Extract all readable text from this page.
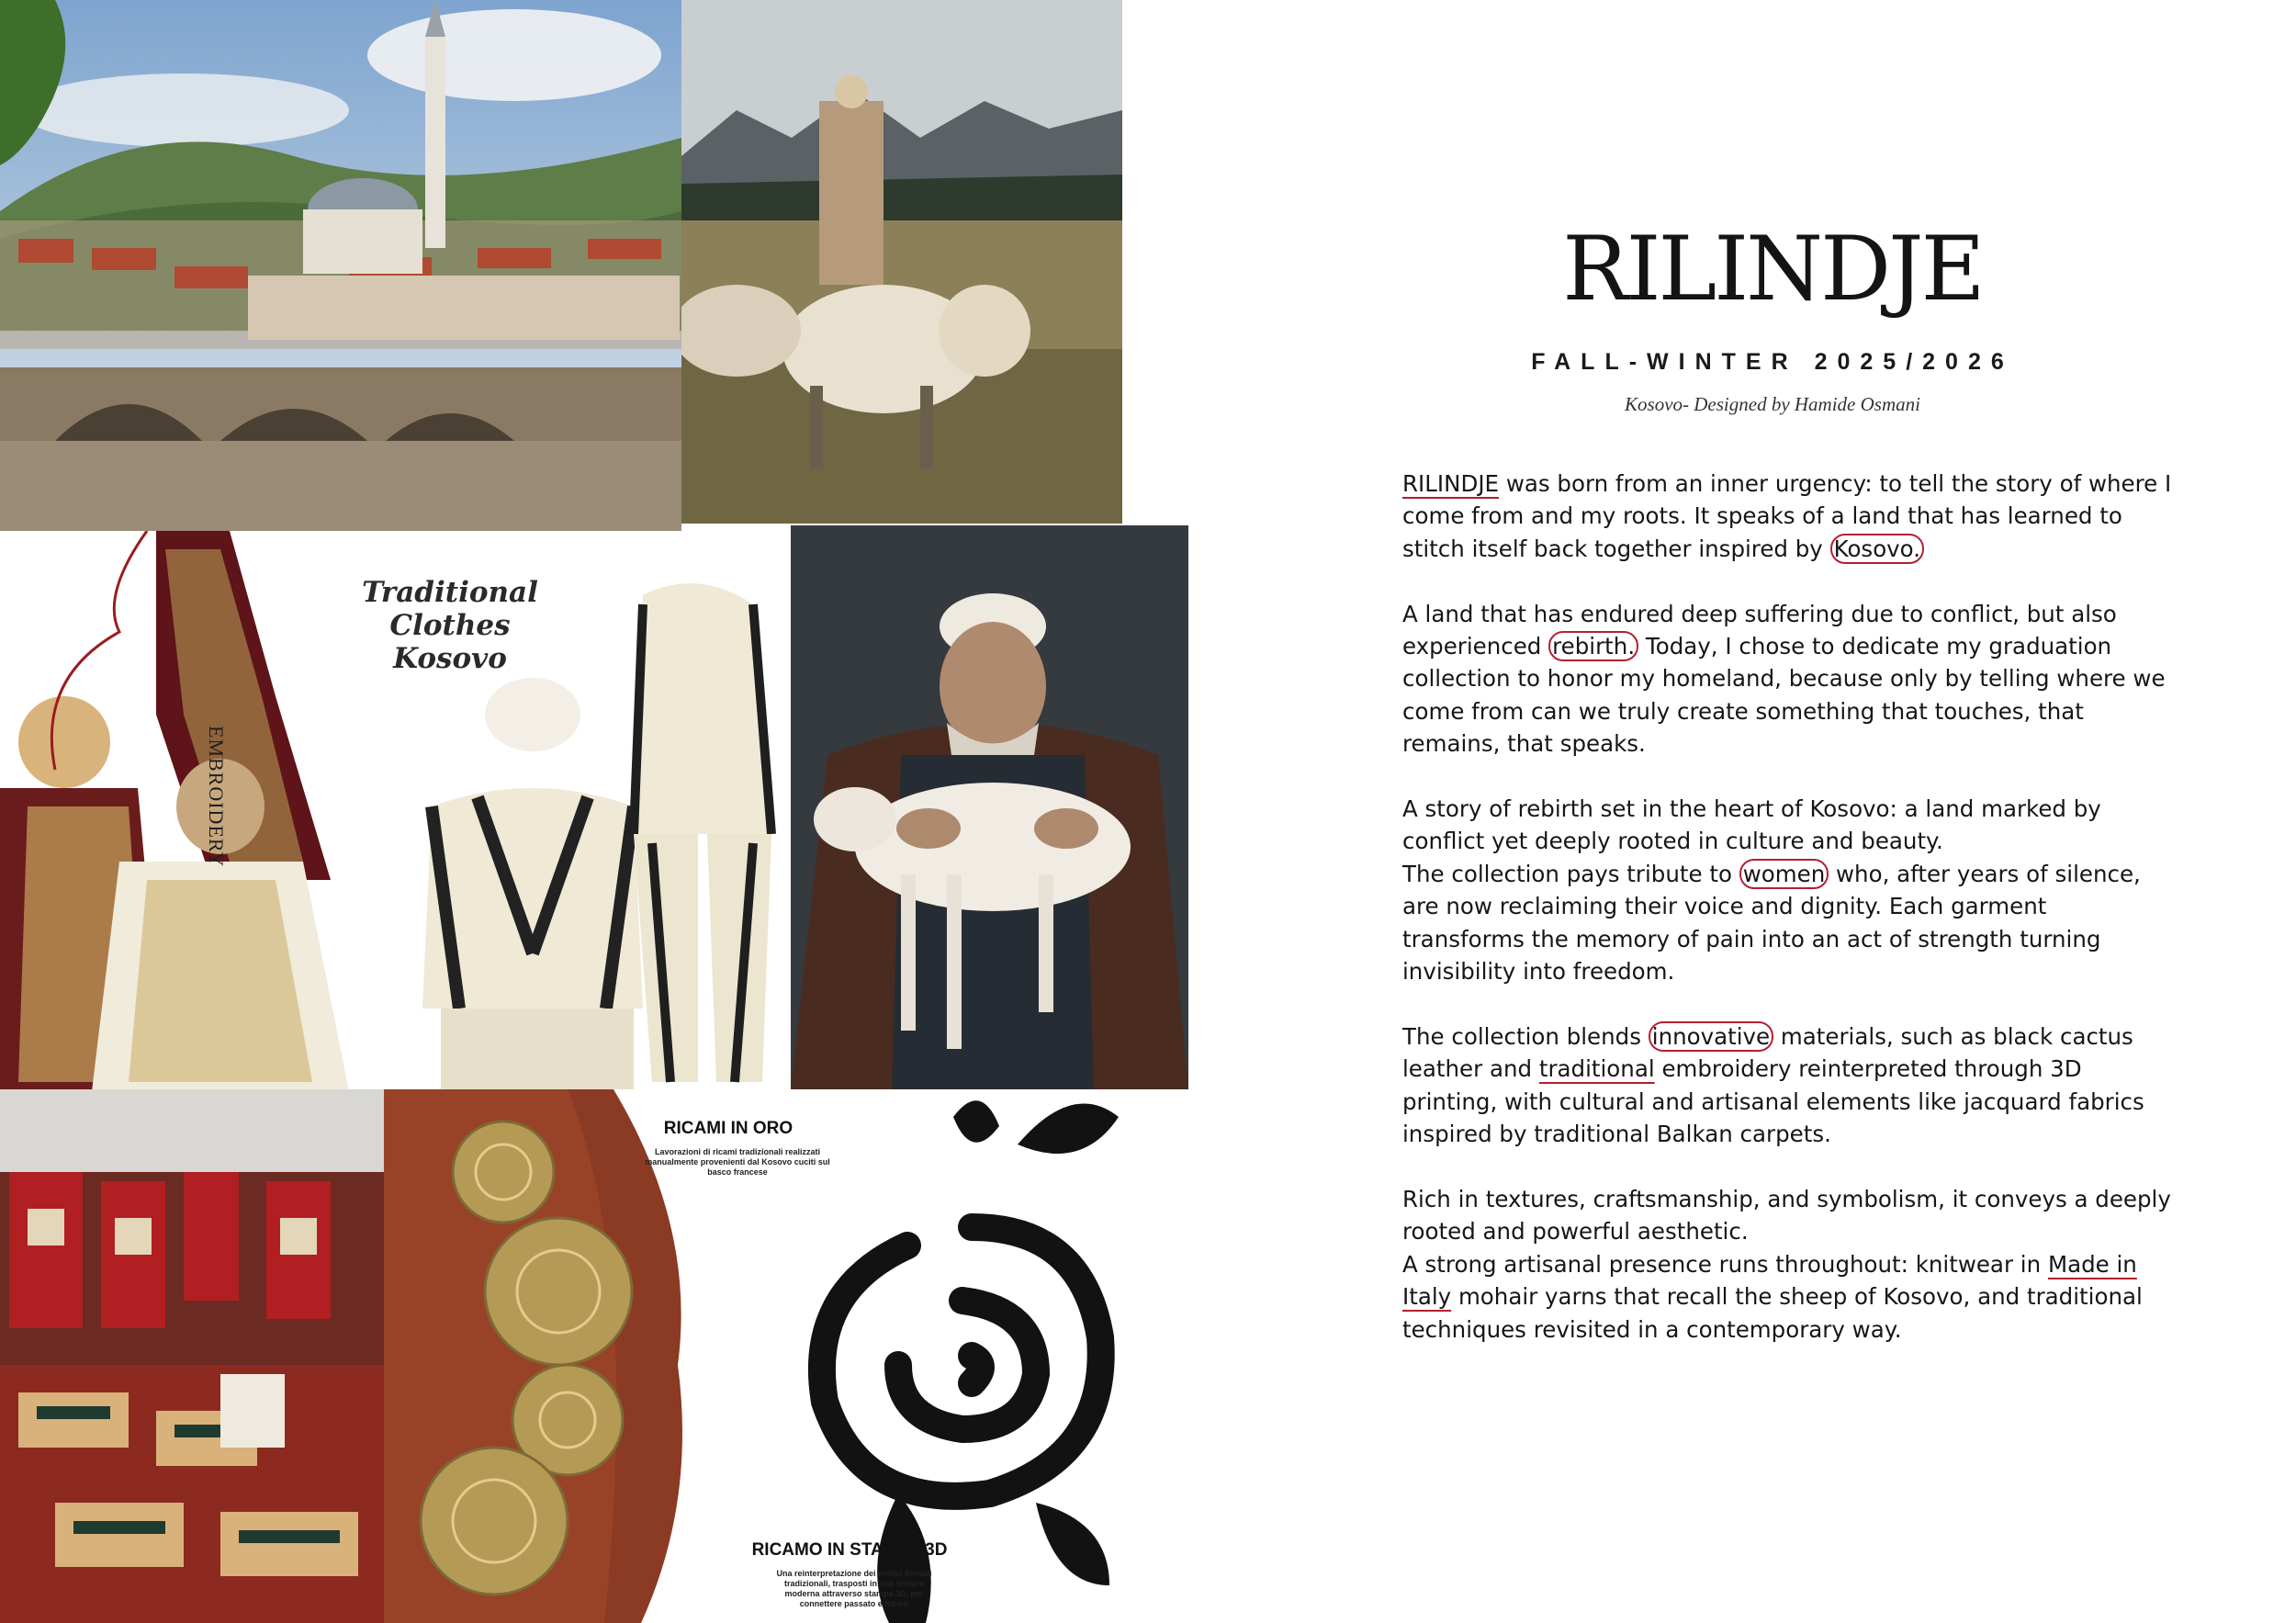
Traditional Clothes
Kosovo
EMBROIDERY
RICAMI IN ORO
Lavorazioni di ricami tradizionali realizzati manualmente provenienti dal Kosovo cuciti sul basco francese
RICAMO IN STAMPA 3D
Una reinterpretazione dei motivi floreali tradizionali, trasposti in una texture moderna attraverso stampa 3D, per connettere passato e futuro
RILINDJE
FALL-WINTER 2025/2026
Kosovo- Designed by Hamide Osmani

RILINDJE was born from an inner urgency: to tell the story of where I come from and my roots. It speaks of a land that has learned to stitch itself back together inspired by Kosovo.

A land that has endured deep suffering due to conflict, but also experienced rebirth. Today, I chose to dedicate my graduation collection to honor my homeland, because only by telling where we come from can we truly create something that touches, that remains, that speaks.

A story of rebirth set in the heart of Kosovo: a land marked by conflict yet deeply rooted in culture and beauty.

The collection pays tribute to women who, after years of silence, are now reclaiming their voice and dignity. Each garment transforms the memory of pain into an act of strength turning invisibility into freedom.

The collection blends innovative materials, such as black cactus leather and traditional embroidery reinterpreted through 3D printing, with cultural and artisanal elements like jacquard fabrics inspired by traditional Balkan carpets.

Rich in textures, craftsmanship, and symbolism, it conveys a deeply rooted and powerful aesthetic.

A strong artisanal presence runs throughout: knitwear in Made in Italy mohair yarns that recall the sheep of Kosovo, and traditional techniques revisited in a contemporary way.
